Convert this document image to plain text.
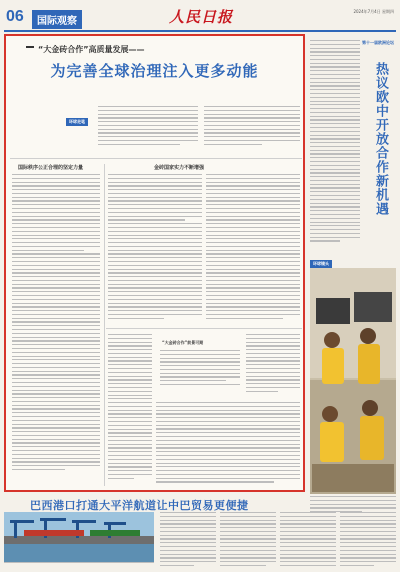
06	国际观察	人民日报	2024年7月4日 星期四
“大金砖合作”高质量发展——
为完善全球治理注入更多动能
环球走笔
国际秩序公正合理的坚定力量	金砖国家实力不断增强
“大金砖合作”前景可期
第十一届欧洲论坛
热议欧中开放合作新机遇
环球镜头
巴西港口打通大平洋航道让中巴贸易更便捷
